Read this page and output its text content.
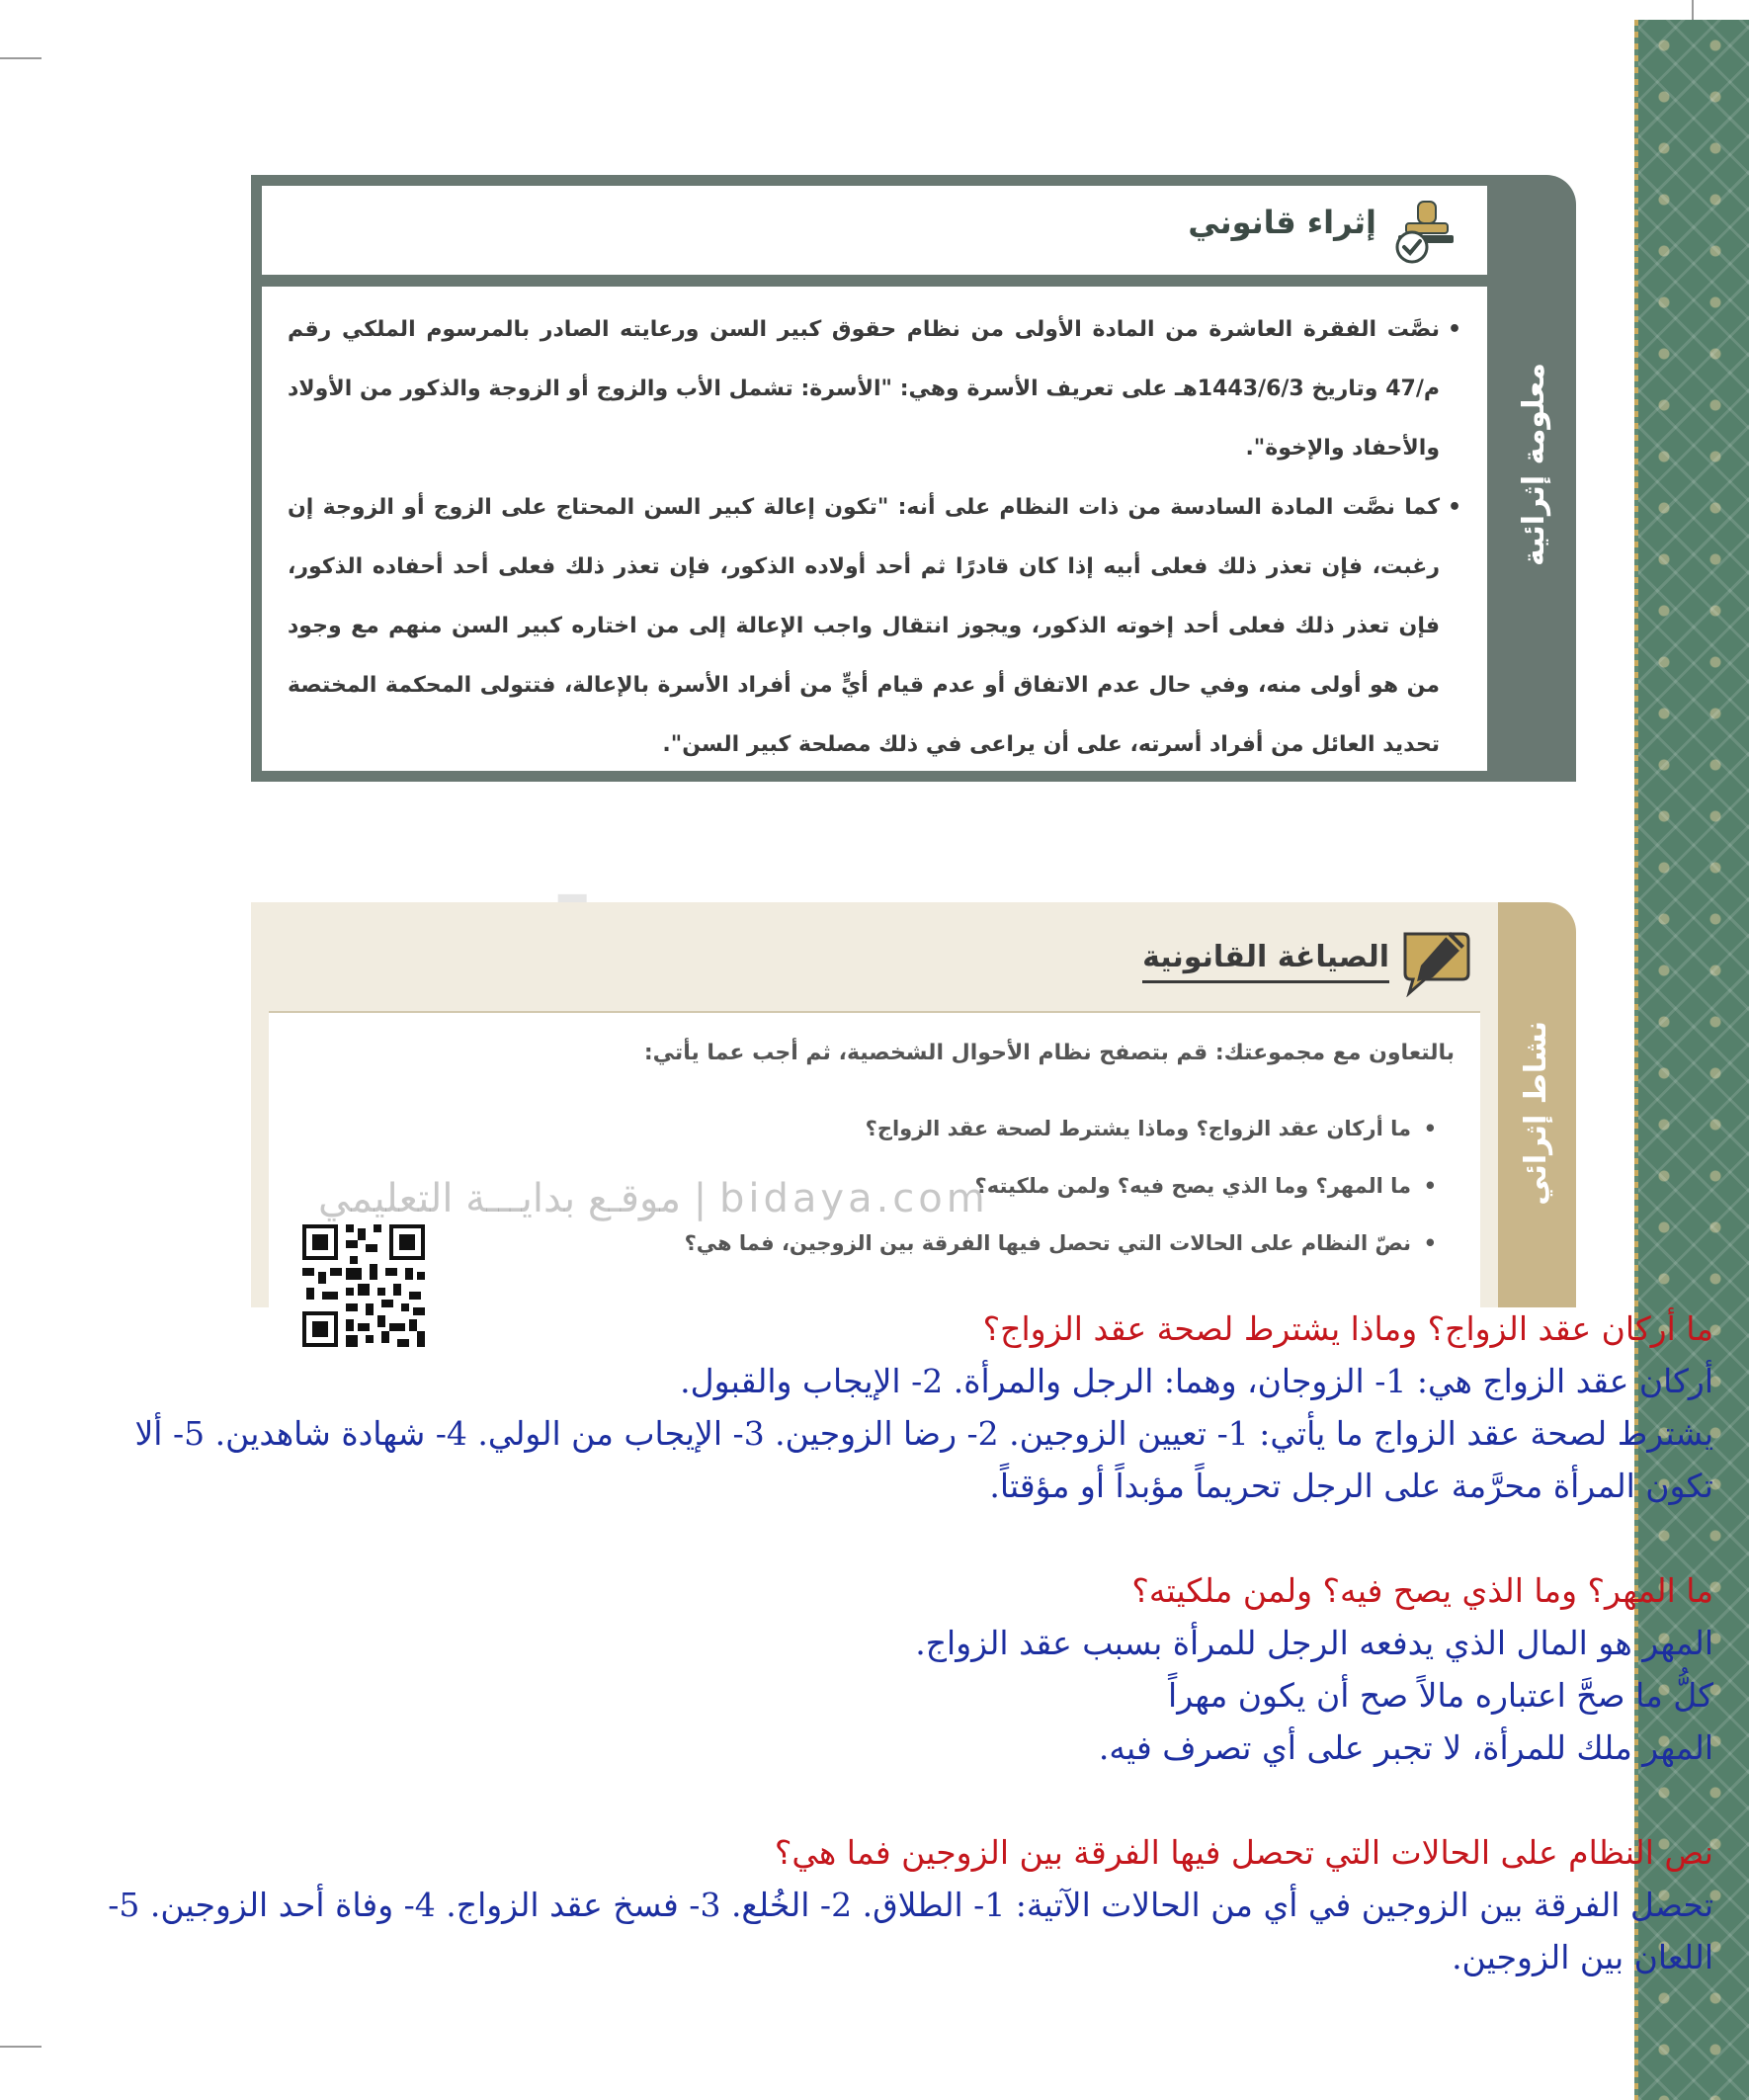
معلومة إثرائية
إثراء قانوني
• نصَّت الفقرة العاشرة من المادة الأولى من نظام حقوق كبير السن ورعايته الصادر بالمرسوم الملكي رقم م/47 وتاريخ 1443/6/3هـ على تعريف الأسرة وهي: "الأسرة: تشمل الأب والزوج أو الزوجة والذكور من الأولاد والأحفاد والإخوة".
• كما نصَّت المادة السادسة من ذات النظام على أنه: "تكون إعالة كبير السن المحتاج على الزوج أو الزوجة إن رغبت، فإن تعذر ذلك فعلى أبيه إذا كان قادرًا ثم أحد أولاده الذكور، فإن تعذر ذلك فعلى أحد أحفاده الذكور، فإن تعذر ذلك فعلى أحد إخوته الذكور، ويجوز انتقال واجب الإعالة إلى من اختاره كبير السن منهم مع وجود من هو أولى منه، وفي حال عدم الاتفاق أو عدم قيام أيٍّ من أفراد الأسرة بالإعالة، فتتولى المحكمة المختصة تحديد العائل من أفراد أسرته، على أن يراعى في ذلك مصلحة كبير السن".
نشاط إثرائي
الصياغة القانونية
بالتعاون مع مجموعتك: قم بتصفح نظام الأحوال الشخصية، ثم أجب عما يأتي:
• ما أركان عقد الزواج؟ وماذا يشترط لصحة عقد الزواج؟
• ما المهر؟ وما الذي يصح فيه؟ ولمن ملكيته؟
• نصّ النظام على الحالات التي تحصل فيها الفرقة بين الزوجين، فما هي؟
موقـع بدايـــة التعليمي | bidaya.com
ما أركان عقد الزواج؟ وماذا يشترط لصحة عقد الزواج؟
أركان عقد الزواج هي: 1- الزوجان، وهما: الرجل والمرأة. 2- الإيجاب والقبول.
يشترط لصحة عقد الزواج ما يأتي: 1- تعيين الزوجين. 2- رضا الزوجين. 3- الإيجاب من الولي. 4- شهادة شاهدين. 5- ألا
تكون المرأة محرَّمة على الرجل تحريماً مؤبداً أو مؤقتاً.
ما المهر؟ وما الذي يصح فيه؟ ولمن ملكيته؟
المهر هو المال الذي يدفعه الرجل للمرأة بسبب عقد الزواج.
كلُّ ما صحَّ اعتباره مالاً صح أن يكون مهراً
المهر ملك للمرأة، لا تجبر على أي تصرف فيه.
نص النظام على الحالات التي تحصل فيها الفرقة بين الزوجين فما هي؟
تحصل الفرقة بين الزوجين في أي من الحالات الآتية: 1- الطلاق. 2- الخُلع. 3- فسخ عقد الزواج. 4- وفاة أحد الزوجين. 5-
اللعان بين الزوجين.
